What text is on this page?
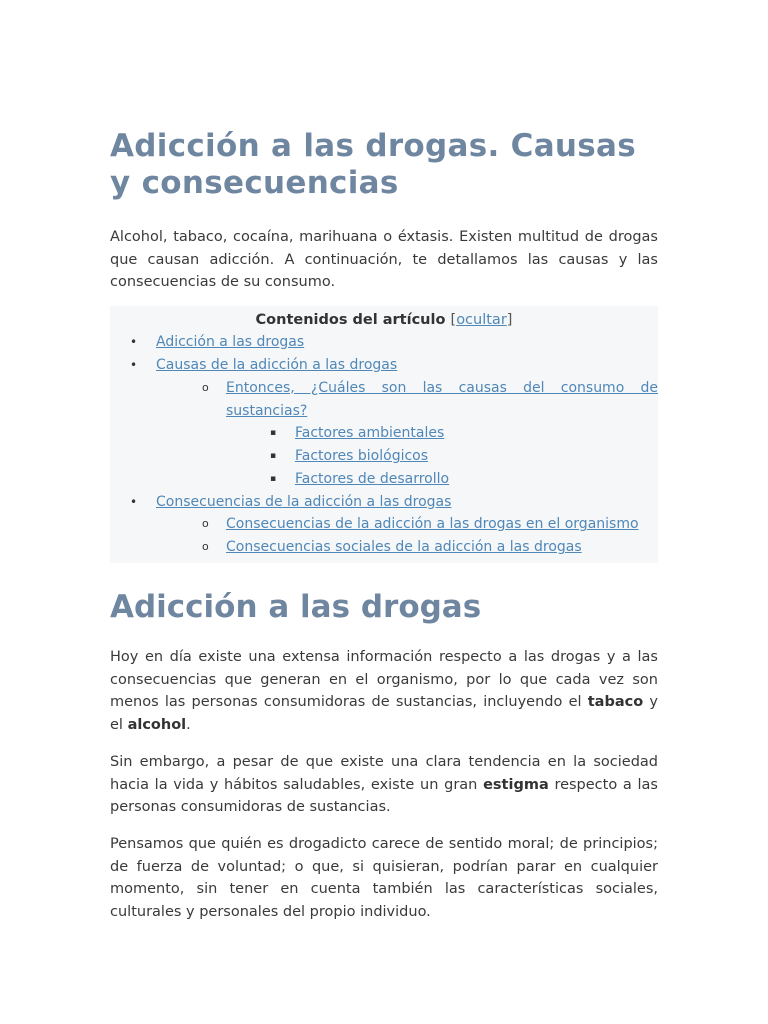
Adicción a las drogas. Causas y consecuencias

Alcohol, tabaco, cocaína, marihuana o éxtasis. Existen multitud de drogas que causan adicción. A continuación, te detallamos las causas y las consecuencias de su consumo.

Contenidos del artículo [ocultar]
• Adicción a las drogas
• Causas de la adicción a las drogas
o Entonces, ¿Cuáles son las causas del consumo de sustancias?
▪ Factores ambientales
▪ Factores biológicos
▪ Factores de desarrollo
• Consecuencias de la adicción a las drogas
o Consecuencias de la adicción a las drogas en el organismo
o Consecuencias sociales de la adicción a las drogas
Adicción a las drogas

Hoy en día existe una extensa información respecto a las drogas y a las consecuencias que generan en el organismo, por lo que cada vez son menos las personas consumidoras de sustancias, incluyendo el tabaco y el alcohol.

Sin embargo, a pesar de que existe una clara tendencia en la sociedad hacia la vida y hábitos saludables, existe un gran estigma respecto a las personas consumidoras de sustancias.

Pensamos que quién es drogadicto carece de sentido moral; de principios; de fuerza de voluntad; o que, si quisieran, podrían parar en cualquier momento, sin tener en cuenta también las características sociales, culturales y personales del propio individuo.
